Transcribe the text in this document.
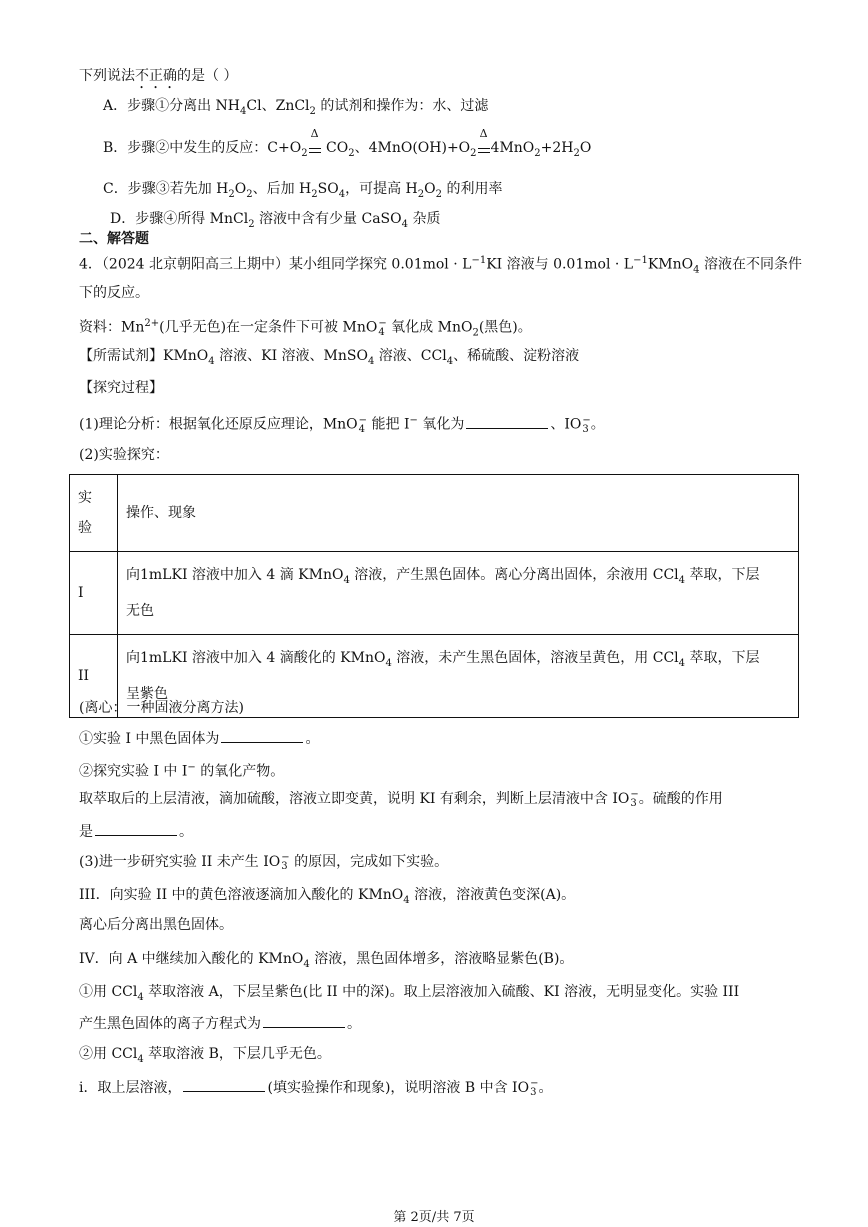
下列说法不正确的是（ ）
A．步骤①分离出 $NH_4Cl$、ZnCl$_2$ 的试剂和操作为：水、过滤
B．步骤②中发生的反应：$C+O_2$
Δ
$CO_2$、$4MnO(OH)+O_2$
Δ
$4MnO_2+2H_2O$
C．步骤③若先加 $H_2O_2$、后加 $H_2SO_4$，可提高 $H_2O_2$ 的利用率
D．步骤④所得 MnCl$_2$ 溶液中含有少量 CaSO$_4$ 杂质
二、解答题
4．（2024 北京朝阳高三上期中）某小组同学探究 $0.01mol \cdot L^{-1}KI$ 溶液与 $0.01mol \cdot L^{-1}KMnO_4$ 溶液在不同条件
下的反应。
资料：$Mn^{2+}$(几乎无色)在一定条件下可被 MnO −
4 氧化成 MnO$_2$(黑色)。
【所需试剂】KMnO$_4$ 溶液、KI 溶液、MnSO$_4$ 溶液、CCl$_4$、稀硫酸、淀粉溶液
【探究过程】
(1)理论分析：根据氧化还原反应理论，MnO −
4 能把 I− 氧化为	、IO −
3 。
(2)实验探究：
实
验	操作、现象
I	向1mLKI 溶液中加入 4 滴 KMnO$_4$ 溶液，产生黑色固体。离心分离出固体，余液用 CCl$_4$ 萃取，下层
无色

II	向1mLKI 溶液中加入 4 滴酸化的 KMnO$_4$ 溶液，未产生黑色固体，溶液呈黄色，用 CCl$_4$ 萃取，下层
呈紫色
(离心：一种固液分离方法)
①实验 I 中黑色固体为	。
②探究实验 I 中 I− 的氧化产物。
取萃取后的上层清液，滴加硫酸，溶液立即变黄，说明 KI 有剩余，判断上层清液中含 IO −
3 。硫酸的作用
是	。
(3)进一步研究实验 II 未产生 IO −
3 的原因，完成如下实验。
III．向实验 II 中的黄色溶液逐滴加入酸化的 KMnO$_4$ 溶液，溶液黄色变深(A)。
离心后分离出黑色固体。
IV．向 A 中继续加入酸化的 KMnO$_4$ 溶液，黑色固体增多，溶液略显紫色(B)。
①用 CCl$_4$ 萃取溶液 A，下层呈紫色(比 II 中的深)。取上层溶液加入硫酸、KI 溶液，无明显变化。实验 III
产生黑色固体的离子方程式为	。
②用 CCl$_4$ 萃取溶液 B，下层几乎无色。
i．取上层溶液，	(填实验操作和现象)，说明溶液 B 中含 IO −
3 。
第 2页/共 7页
